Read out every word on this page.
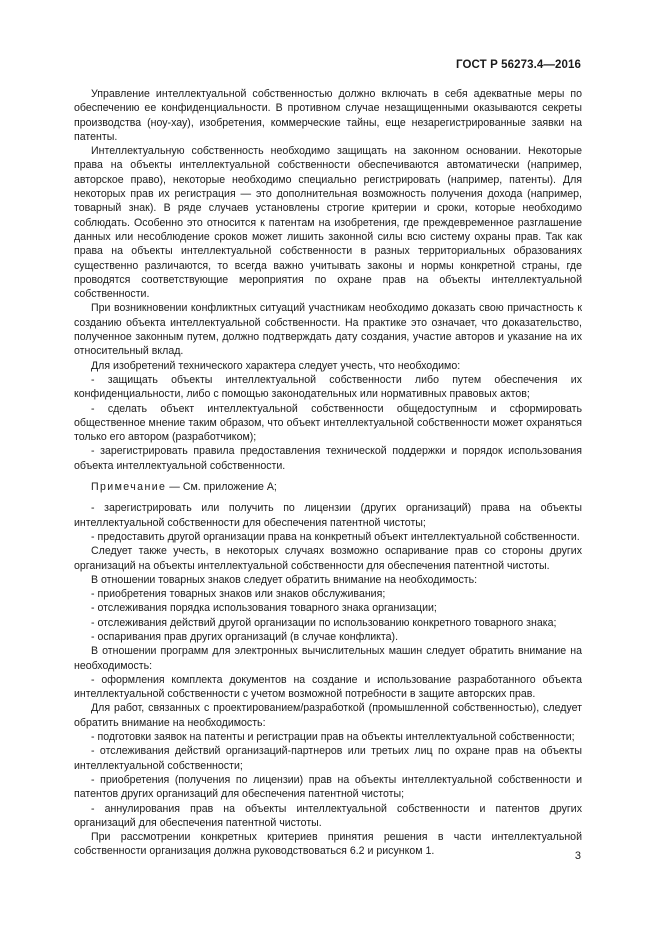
ГОСТ Р 56273.4—2016

Управление интеллектуальной собственностью должно включать в себя адекватные меры по обеспечению ее конфиденциальности. В противном случае незащищенными оказываются секреты производства (ноу-хау), изобретения, коммерческие тайны, еще незарегистрированные заявки на патенты.

Интеллектуальную собственность необходимо защищать на законном основании. Некоторые права на объекты интеллектуальной собственности обеспечиваются автоматически (например, авторское право), некоторые необходимо специально регистрировать (например, патенты). Для некоторых прав их регистрация — это дополнительная возможность получения дохода (например, товарный знак). В ряде случаев установлены строгие критерии и сроки, которые необходимо соблюдать. Особенно это относится к патентам на изобретения, где преждевременное разглашение данных или несоблюдение сроков может лишить законной силы всю систему охраны прав. Так как права на объекты интеллектуальной собственности в разных территориальных образованиях существенно различаются, то всегда важно учитывать законы и нормы конкретной страны, где проводятся соответствующие мероприятия по охране прав на объекты интеллектуальной собственности.

При возникновении конфликтных ситуаций участникам необходимо доказать свою причастность к созданию объекта интеллектуальной собственности. На практике это означает, что доказательство, полученное законным путем, должно подтверждать дату создания, участие авторов и указание на их относительный вклад.

Для изобретений технического характера следует учесть, что необходимо:

- защищать объекты интеллектуальной собственности либо путем обеспечения их конфиденциальности, либо с помощью законодательных или нормативных правовых актов;

- сделать объект интеллектуальной собственности общедоступным и сформировать общественное мнение таким образом, что объект интеллектуальной собственности может охраняться только его автором (разработчиком);

- зарегистрировать правила предоставления технической поддержки и порядок использования объекта интеллектуальной собственности.

Примечание — См. приложение А;

- зарегистрировать или получить по лицензии (других организаций) права на объекты интеллектуальной собственности для обеспечения патентной чистоты;

- предоставить другой организации права на конкретный объект интеллектуальной собственности.

Следует также учесть, в некоторых случаях возможно оспаривание прав со стороны других организаций на объекты интеллектуальной собственности для обеспечения патентной чистоты.

В отношении товарных знаков следует обратить внимание на необходимость:

- приобретения товарных знаков или знаков обслуживания;

- отслеживания порядка использования товарного знака организации;

- отслеживания действий другой организации по использованию конкретного товарного знака;

- оспаривания прав других организаций (в случае конфликта).

В отношении программ для электронных вычислительных машин следует обратить внимание на необходимость:

- оформления комплекта документов на создание и использование разработанного объекта интеллектуальной собственности с учетом возможной потребности в защите авторских прав.

Для работ, связанных с проектированием/разработкой (промышленной собственностью), следует обратить внимание на необходимость:

- подготовки заявок на патенты и регистрации прав на объекты интеллектуальной собственности;

- отслеживания действий организаций-партнеров или третьих лиц по охране прав на объекты интеллектуальной собственности;

- приобретения (получения по лицензии) прав на объекты интеллектуальной собственности и патентов других организаций для обеспечения патентной чистоты;

- аннулирования прав на объекты интеллектуальной собственности и патентов других организаций для обеспечения патентной чистоты.

При рассмотрении конкретных критериев принятия решения в части интеллектуальной собственности организация должна руководствоваться 6.2 и рисунком 1.	3
